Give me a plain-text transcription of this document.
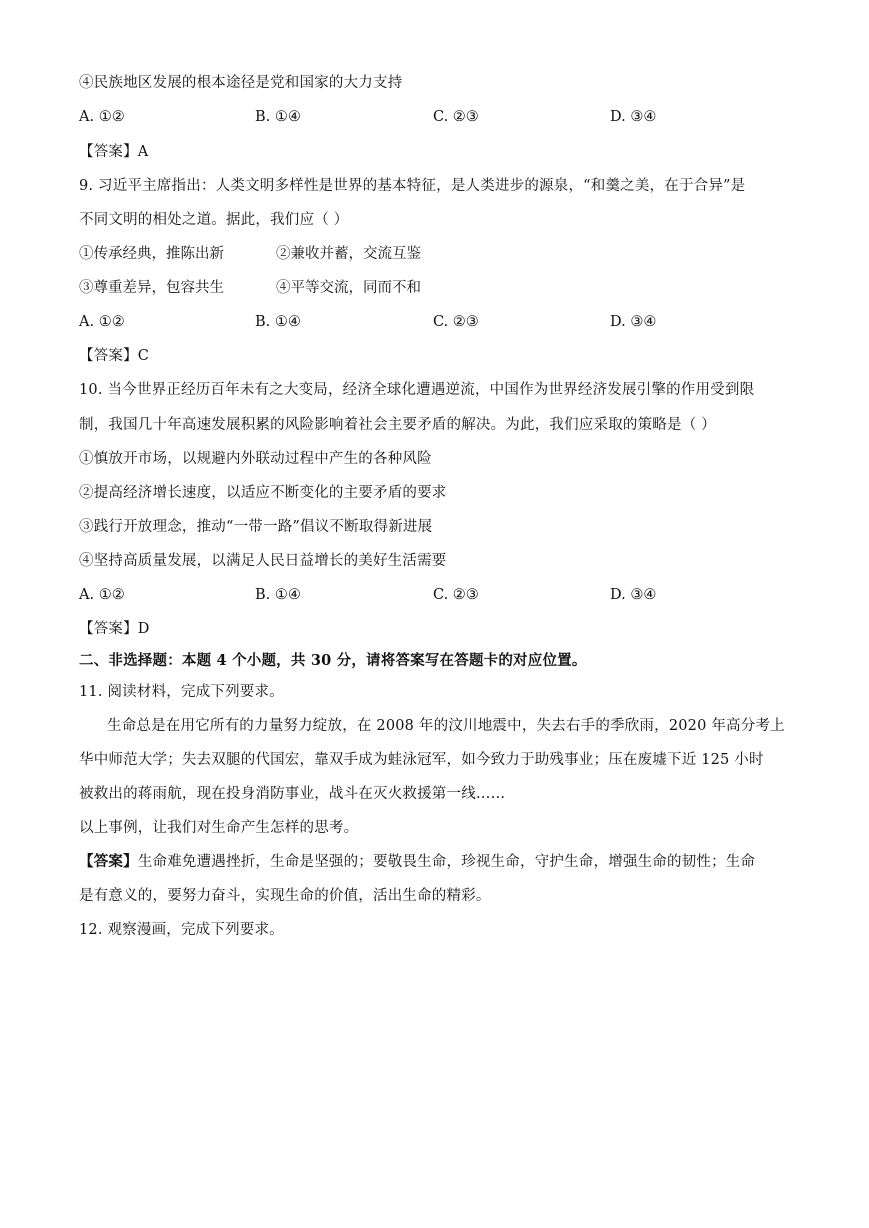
④民族地区发展的根本途径是党和国家的大力支持
A. ①②	B. ①④	C. ②③	D. ③④
【答案】A
9. 习近平主席指出：人类文明多样性是世界的基本特征，是人类进步的源泉，“和羹之美，在于合异”是
不同文明的相处之道。据此，我们应（ ）
①传承经典，推陈出新	②兼收并蓄，交流互鉴
③尊重差异，包容共生	④平等交流，同而不和
A. ①②	B. ①④	C. ②③	D. ③④
【答案】C
10. 当今世界正经历百年未有之大变局，经济全球化遭遇逆流，中国作为世界经济发展引擎的作用受到限
制，我国几十年高速发展积累的风险影响着社会主要矛盾的解决。为此，我们应采取的策略是（ ）
①慎放开市场，以规避内外联动过程中产生的各种风险
②提高经济增长速度，以适应不断变化的主要矛盾的要求
③践行开放理念，推动“一带一路”倡议不断取得新进展
④坚持高质量发展，以满足人民日益增长的美好生活需要
A. ①②	B. ①④	C. ②③	D. ③④
【答案】D
二、非选择题：本题 4 个小题，共 30 分，请将答案写在答题卡的对应位置。
11. 阅读材料，完成下列要求。
生命总是在用它所有的力量努力绽放，在 2008 年的汶川地震中，失去右手的季欣雨，2020 年高分考上
华中师范大学；失去双腿的代国宏，靠双手成为蛙泳冠军，如今致力于助残事业；压在废墟下近 125 小时
被救出的蒋雨航，现在投身消防事业，战斗在灭火救援第一线……
以上事例，让我们对生命产生怎样的思考。
【答案】生命难免遭遇挫折，生命是坚强的；要敬畏生命，珍视生命，守护生命，增强生命的韧性；生命
是有意义的，要努力奋斗，实现生命的价值，活出生命的精彩。
12. 观察漫画，完成下列要求。
